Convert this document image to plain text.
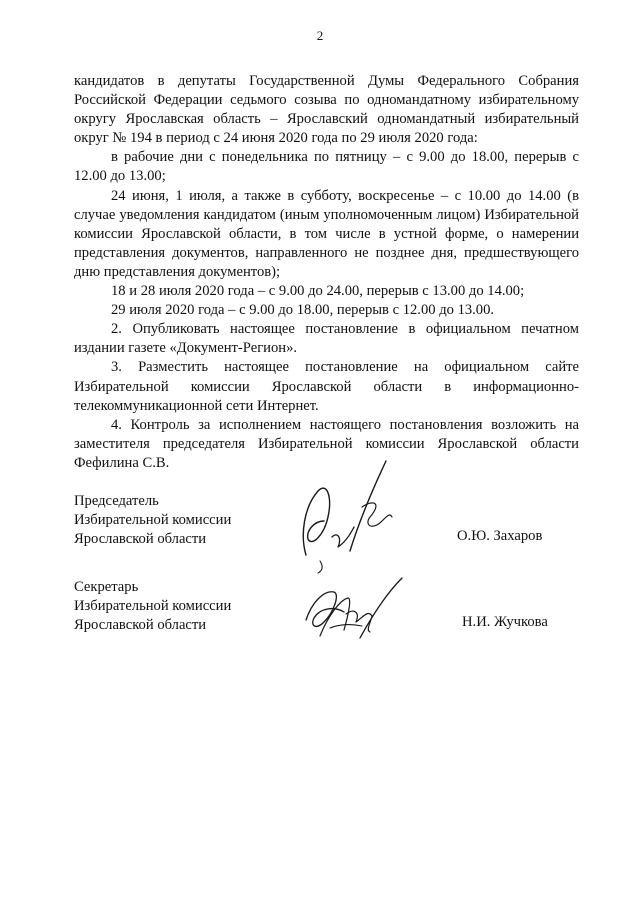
2

кандидатов в депутаты Государственной Думы Федерального Собрания Российской Федерации седьмого созыва по одномандатному избирательному округу Ярославская область – Ярославский одномандатный избирательный округ № 194 в период с 24 июня 2020 года по 29 июля 2020 года:

в рабочие дни с понедельника по пятницу – с 9.00 до 18.00, перерыв с 12.00 до 13.00;

24 июня, 1 июля, а также в субботу, воскресенье – с 10.00 до 14.00 (в случае уведомления кандидатом (иным уполномоченным лицом) Избирательной комиссии Ярославской области, в том числе в устной форме, о намерении представления документов, направленного не позднее дня, предшествующего дню представления документов);

18 и 28 июля 2020 года – с 9.00 до 24.00, перерыв с 13.00 до 14.00;

29 июля 2020 года – с 9.00 до 18.00, перерыв с 12.00 до 13.00.

2. Опубликовать настоящее постановление в официальном печатном издании газете «Документ-Регион».

3. Разместить настоящее постановление на официальном сайте Избирательной комиссии Ярославской области в информационно-телекоммуникационной сети Интернет.

4. Контроль за исполнением настоящего постановления возложить на заместителя председателя Избирательной комиссии Ярославской области Фефилина С.В.

Председатель
Избирательной комиссии
Ярославской области	О.Ю. Захаров
Секретарь
Избирательной комиссии
Ярославской области	Н.И. Жучкова
